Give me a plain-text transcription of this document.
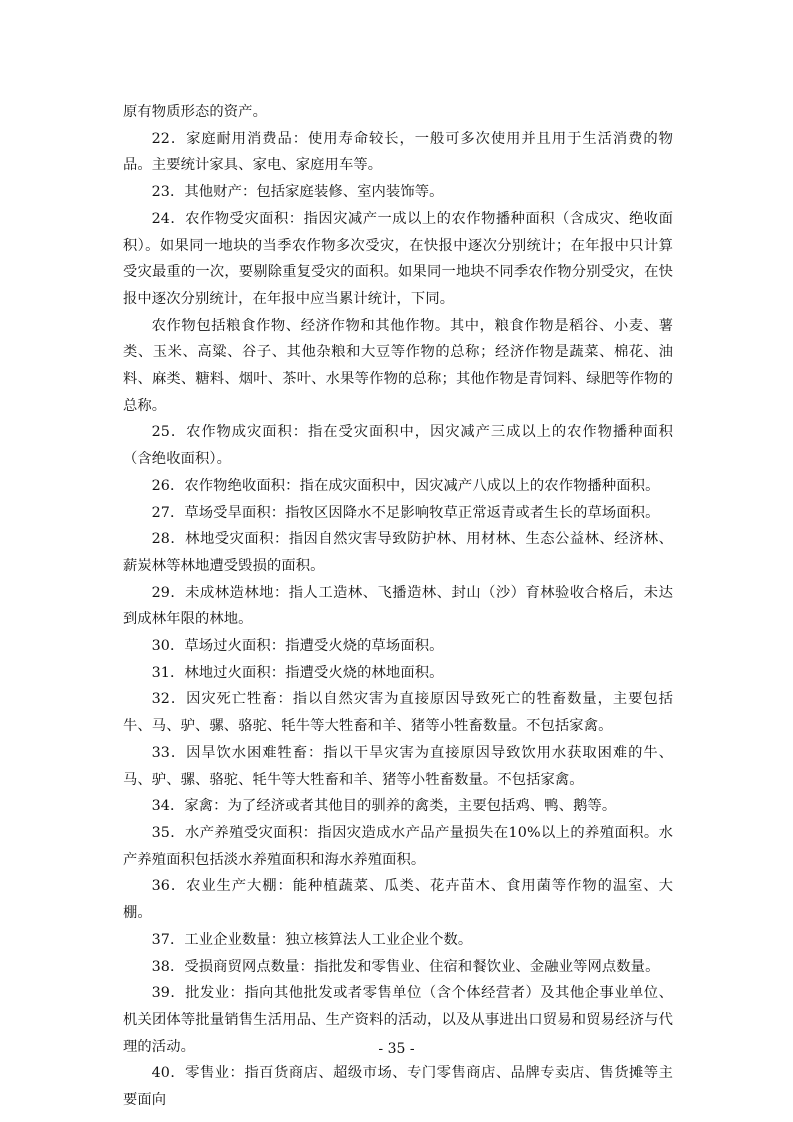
原有物质形态的资产。

22．家庭耐用消费品：使用寿命较长，一般可多次使用并且用于生活消费的物品。主要统计家具、家电、家庭用车等。

23．其他财产：包括家庭装修、室内装饰等。

24．农作物受灾面积：指因灾减产一成以上的农作物播种面积（含成灾、绝收面积）。如果同一地块的当季农作物多次受灾，在快报中逐次分别统计；在年报中只计算受灾最重的一次，要剔除重复受灾的面积。如果同一地块不同季农作物分别受灾，在快报中逐次分别统计，在年报中应当累计统计，下同。

农作物包括粮食作物、经济作物和其他作物。其中，粮食作物是稻谷、小麦、薯类、玉米、高粱、谷子、其他杂粮和大豆等作物的总称；经济作物是蔬菜、棉花、油料、麻类、糖料、烟叶、茶叶、水果等作物的总称；其他作物是青饲料、绿肥等作物的总称。

25．农作物成灾面积：指在受灾面积中，因灾减产三成以上的农作物播种面积（含绝收面积）。

26．农作物绝收面积：指在成灾面积中，因灾减产八成以上的农作物播种面积。

27．草场受旱面积：指牧区因降水不足影响牧草正常返青或者生长的草场面积。

28．林地受灾面积：指因自然灾害导致防护林、用材林、生态公益林、经济林、薪炭林等林地遭受毁损的面积。

29．未成林造林地：指人工造林、飞播造林、封山（沙）育林验收合格后，未达到成林年限的林地。

30．草场过火面积：指遭受火烧的草场面积。

31．林地过火面积：指遭受火烧的林地面积。

32．因灾死亡牲畜：指以自然灾害为直接原因导致死亡的牲畜数量，主要包括牛、马、驴、骡、骆驼、牦牛等大牲畜和羊、猪等小牲畜数量。不包括家禽。

33．因旱饮水困难牲畜：指以干旱灾害为直接原因导致饮用水获取困难的牛、马、驴、骡、骆驼、牦牛等大牲畜和羊、猪等小牲畜数量。不包括家禽。

34．家禽：为了经济或者其他目的驯养的禽类，主要包括鸡、鸭、鹅等。

35．水产养殖受灾面积：指因灾造成水产品产量损失在10%以上的养殖面积。水产养殖面积包括淡水养殖面积和海水养殖面积。

36．农业生产大棚：能种植蔬菜、瓜类、花卉苗木、食用菌等作物的温室、大棚。

37．工业企业数量：独立核算法人工业企业个数。

38．受损商贸网点数量：指批发和零售业、住宿和餐饮业、金融业等网点数量。

39．批发业：指向其他批发或者零售单位（含个体经营者）及其他企事业单位、机关团体等批量销售生活用品、生产资料的活动，以及从事进出口贸易和贸易经济与代理的活动。

40．零售业：指百货商店、超级市场、专门零售商店、品牌专卖店、售货摊等主要面向

- 35 -
